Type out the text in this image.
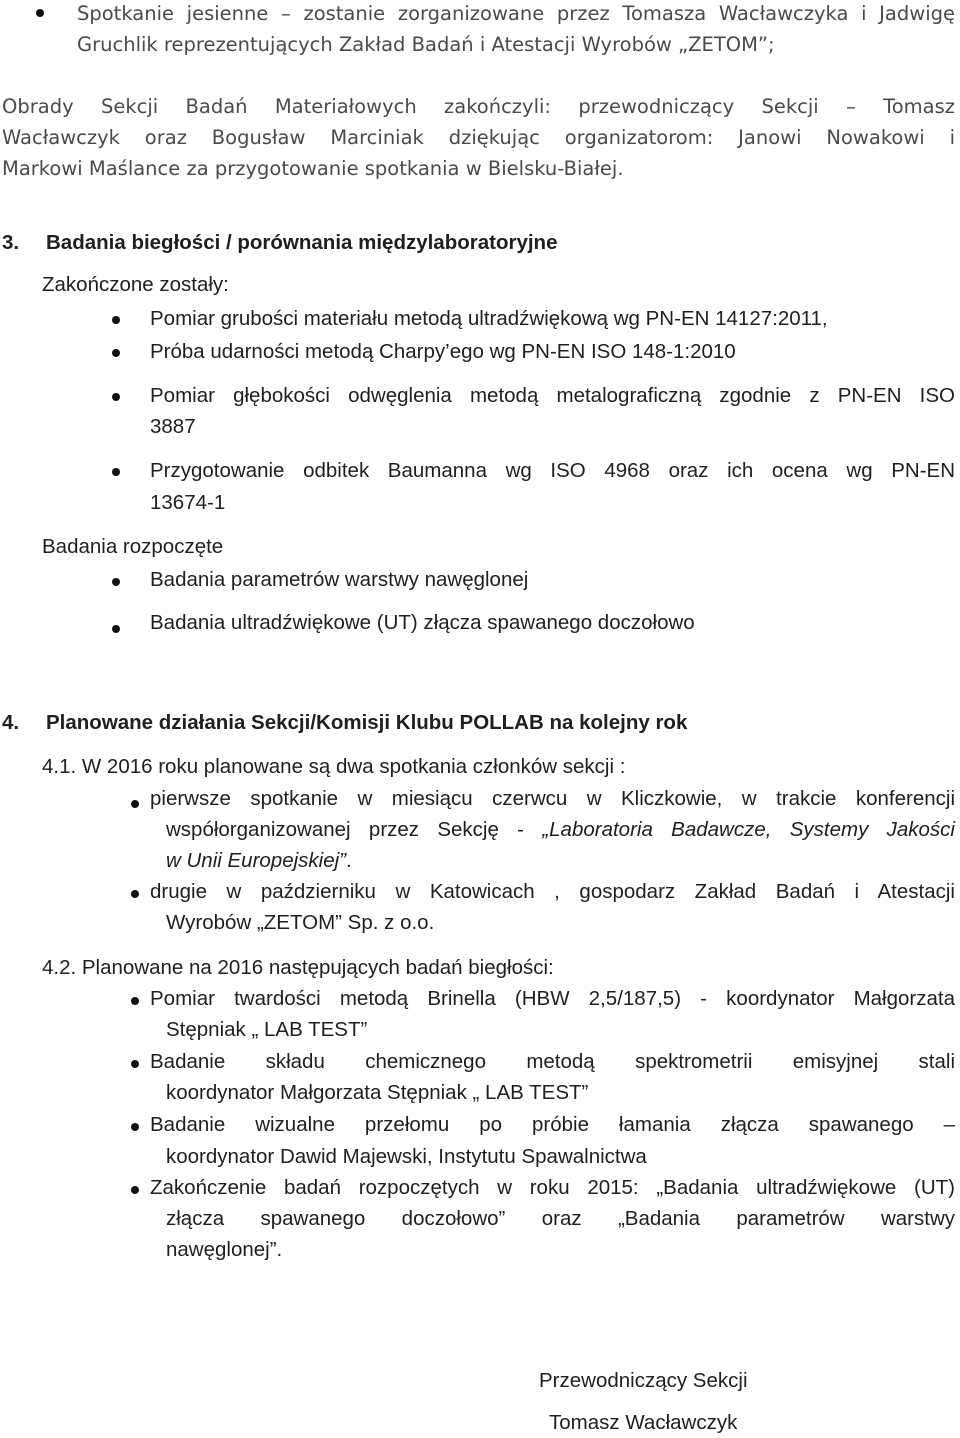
Spotkanie jesienne – zostanie zorganizowane przez Tomasza Wacławczyka i Jadwigę
Gruchlik reprezentujących Zakład Badań i Atestacji Wyrobów „ZETOM”;
Obrady Sekcji Badań Materiałowych zakończyli: przewodniczący Sekcji – Tomasz
Wacławczyk oraz Bogusław Marciniak dziękując organizatorom: Janowi Nowakowi i
Markowi Maślance za przygotowanie spotkania w Bielsku-Białej.
3. Badania biegłości / porównania międzylaboratoryjne
Zakończone zostały:
Pomiar grubości materiału metodą ultradźwiękową wg PN-EN 14127:2011,
Próba udarności metodą Charpy’ego wg PN-EN ISO 148-1:2010
Pomiar głębokości odwęglenia metodą metalograficzną zgodnie z PN-EN ISO
3887
Przygotowanie odbitek Baumanna wg ISO 4968 oraz ich ocena wg PN-EN
13674-1
Badania rozpoczęte
Badania parametrów warstwy nawęglonej
Badania ultradźwiękowe (UT) złącza spawanego doczołowo
4. Planowane działania Sekcji/Komisji Klubu POLLAB na kolejny rok
4.1. W 2016 roku planowane są dwa spotkania członków sekcji :
pierwsze spotkanie w miesiącu czerwcu w Kliczkowie, w trakcie konferencji
współorganizowanej przez Sekcję - „Laboratoria Badawcze, Systemy Jakości
w Unii Europejskiej”.
drugie w październiku w Katowicach , gospodarz Zakład Badań i Atestacji
Wyrobów „ZETOM” Sp. z o.o.
4.2. Planowane na 2016 następujących badań biegłości:
Pomiar twardości metodą Brinella (HBW 2,5/187,5) - koordynator Małgorzata
Stępniak „ LAB TEST”
Badanie składu chemicznego metodą spektrometrii emisyjnej stali
koordynator Małgorzata Stępniak „ LAB TEST”
Badanie wizualne przełomu po próbie łamania złącza spawanego –
koordynator Dawid Majewski, Instytutu Spawalnictwa
Zakończenie badań rozpoczętych w roku 2015: „Badania ultradźwiękowe (UT)
złącza spawanego doczołowo” oraz „Badania parametrów warstwy
nawęglonej”.
Przewodniczący Sekcji
Tomasz Wacławczyk
